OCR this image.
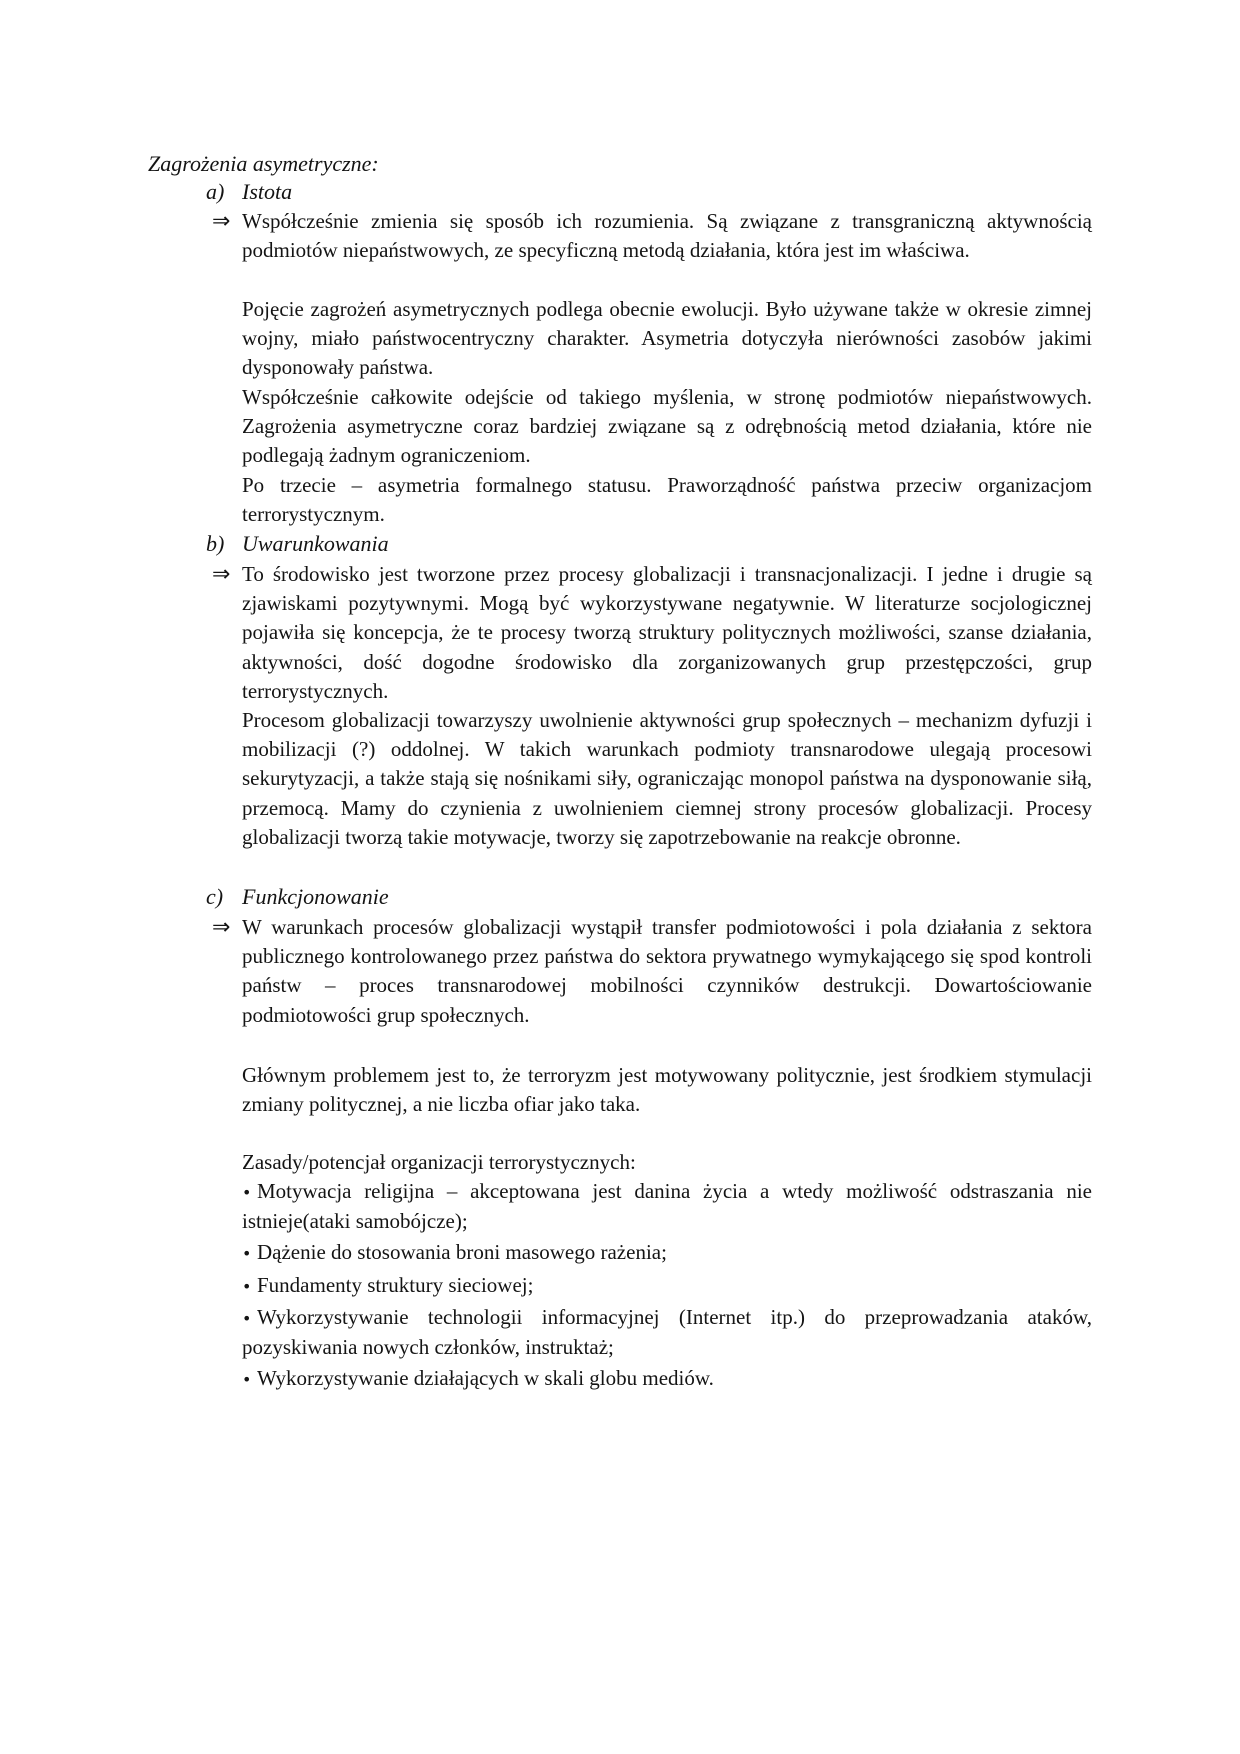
Zagrożenia asymetryczne:
a) Istota
⇒ Współcześnie zmienia się sposób ich rozumienia. Są związane z transgraniczną aktywnością podmiotów niepaństwowych, ze specyficzną metodą działania, która jest im właściwa.

Pojęcie zagrożeń asymetrycznych podlega obecnie ewolucji. Było używane także w okresie zimnej wojny, miało państwocentryczny charakter. Asymetria dotyczyła nierówności zasobów jakimi dysponowały państwa.

Współcześnie całkowite odejście od takiego myślenia, w stronę podmiotów niepaństwowych. Zagrożenia asymetryczne coraz bardziej związane są z odrębnością metod działania, które nie podlegają żadnym ograniczeniom.

Po trzecie – asymetria formalnego statusu. Praworządność państwa przeciw organizacjom terrorystycznym.

b) Uwarunkowania
⇒ To środowisko jest tworzone przez procesy globalizacji i transnacjonalizacji. I jedne i drugie są zjawiskami pozytywnymi. Mogą być wykorzystywane negatywnie. W literaturze socjologicznej pojawiła się koncepcja, że te procesy tworzą struktury politycznych możliwości, szanse działania, aktywności, dość dogodne środowisko dla zorganizowanych grup przestępczości, grup terrorystycznych.

Procesom globalizacji towarzyszy uwolnienie aktywności grup społecznych – mechanizm dyfuzji i mobilizacji (?) oddolnej. W takich warunkach podmioty transnarodowe ulegają procesowi sekurytyzacji, a także stają się nośnikami siły, ograniczając monopol państwa na dysponowanie siłą, przemocą. Mamy do czynienia z uwolnieniem ciemnej strony procesów globalizacji. Procesy globalizacji tworzą takie motywacje, tworzy się zapotrzebowanie na reakcje obronne.

c) Funkcjonowanie
⇒ W warunkach procesów globalizacji wystąpił transfer podmiotowości i pola działania z sektora publicznego kontrolowanego przez państwa do sektora prywatnego wymykającego się spod kontroli państw – proces transnarodowej mobilności czynników destrukcji. Dowartościowanie podmiotowości grup społecznych.

Głównym problemem jest to, że terroryzm jest motywowany politycznie, jest środkiem stymulacji zmiany politycznej, a nie liczba ofiar jako taka.

Zasady/potencjał organizacji terrorystycznych:

• Motywacja religijna – akceptowana jest danina życia a wtedy możliwość odstraszania nie istnieje(ataki samobójcze);
• Dążenie do stosowania broni masowego rażenia;
• Fundamenty struktury sieciowej;
• Wykorzystywanie technologii informacyjnej (Internet itp.) do przeprowadzania ataków, pozyskiwania nowych członków, instruktaż;
• Wykorzystywanie działających w skali globu mediów.
